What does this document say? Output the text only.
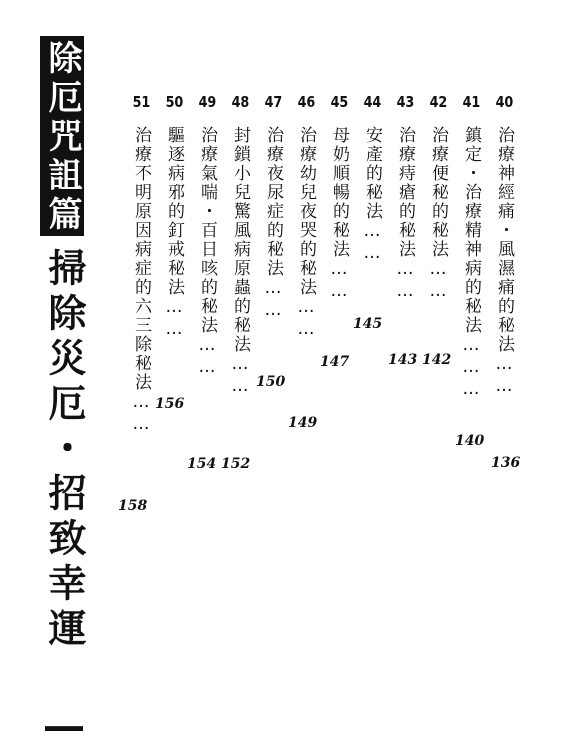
除厄咒詛篇
掃除災厄・招致幸運 ―
40
治療神經痛・風濕痛的秘法……
136
41
鎮定・治療精神病的秘法………
140
42
治療便秘的秘法……
142
43
治療痔瘡的秘法……
143
44
安產的秘法……
145
45
母奶順暢的秘法……
147
46
治療幼兒夜哭的秘法……
149
47
治療夜尿症的秘法……
150
48
封鎖小兒驚風病原蟲的秘法……
152
49
治療氣喘・百日咳的秘法……
154
50
驅逐病邪的釘戒秘法……
156
51
治療不明原因病症的六三除秘法……
158
